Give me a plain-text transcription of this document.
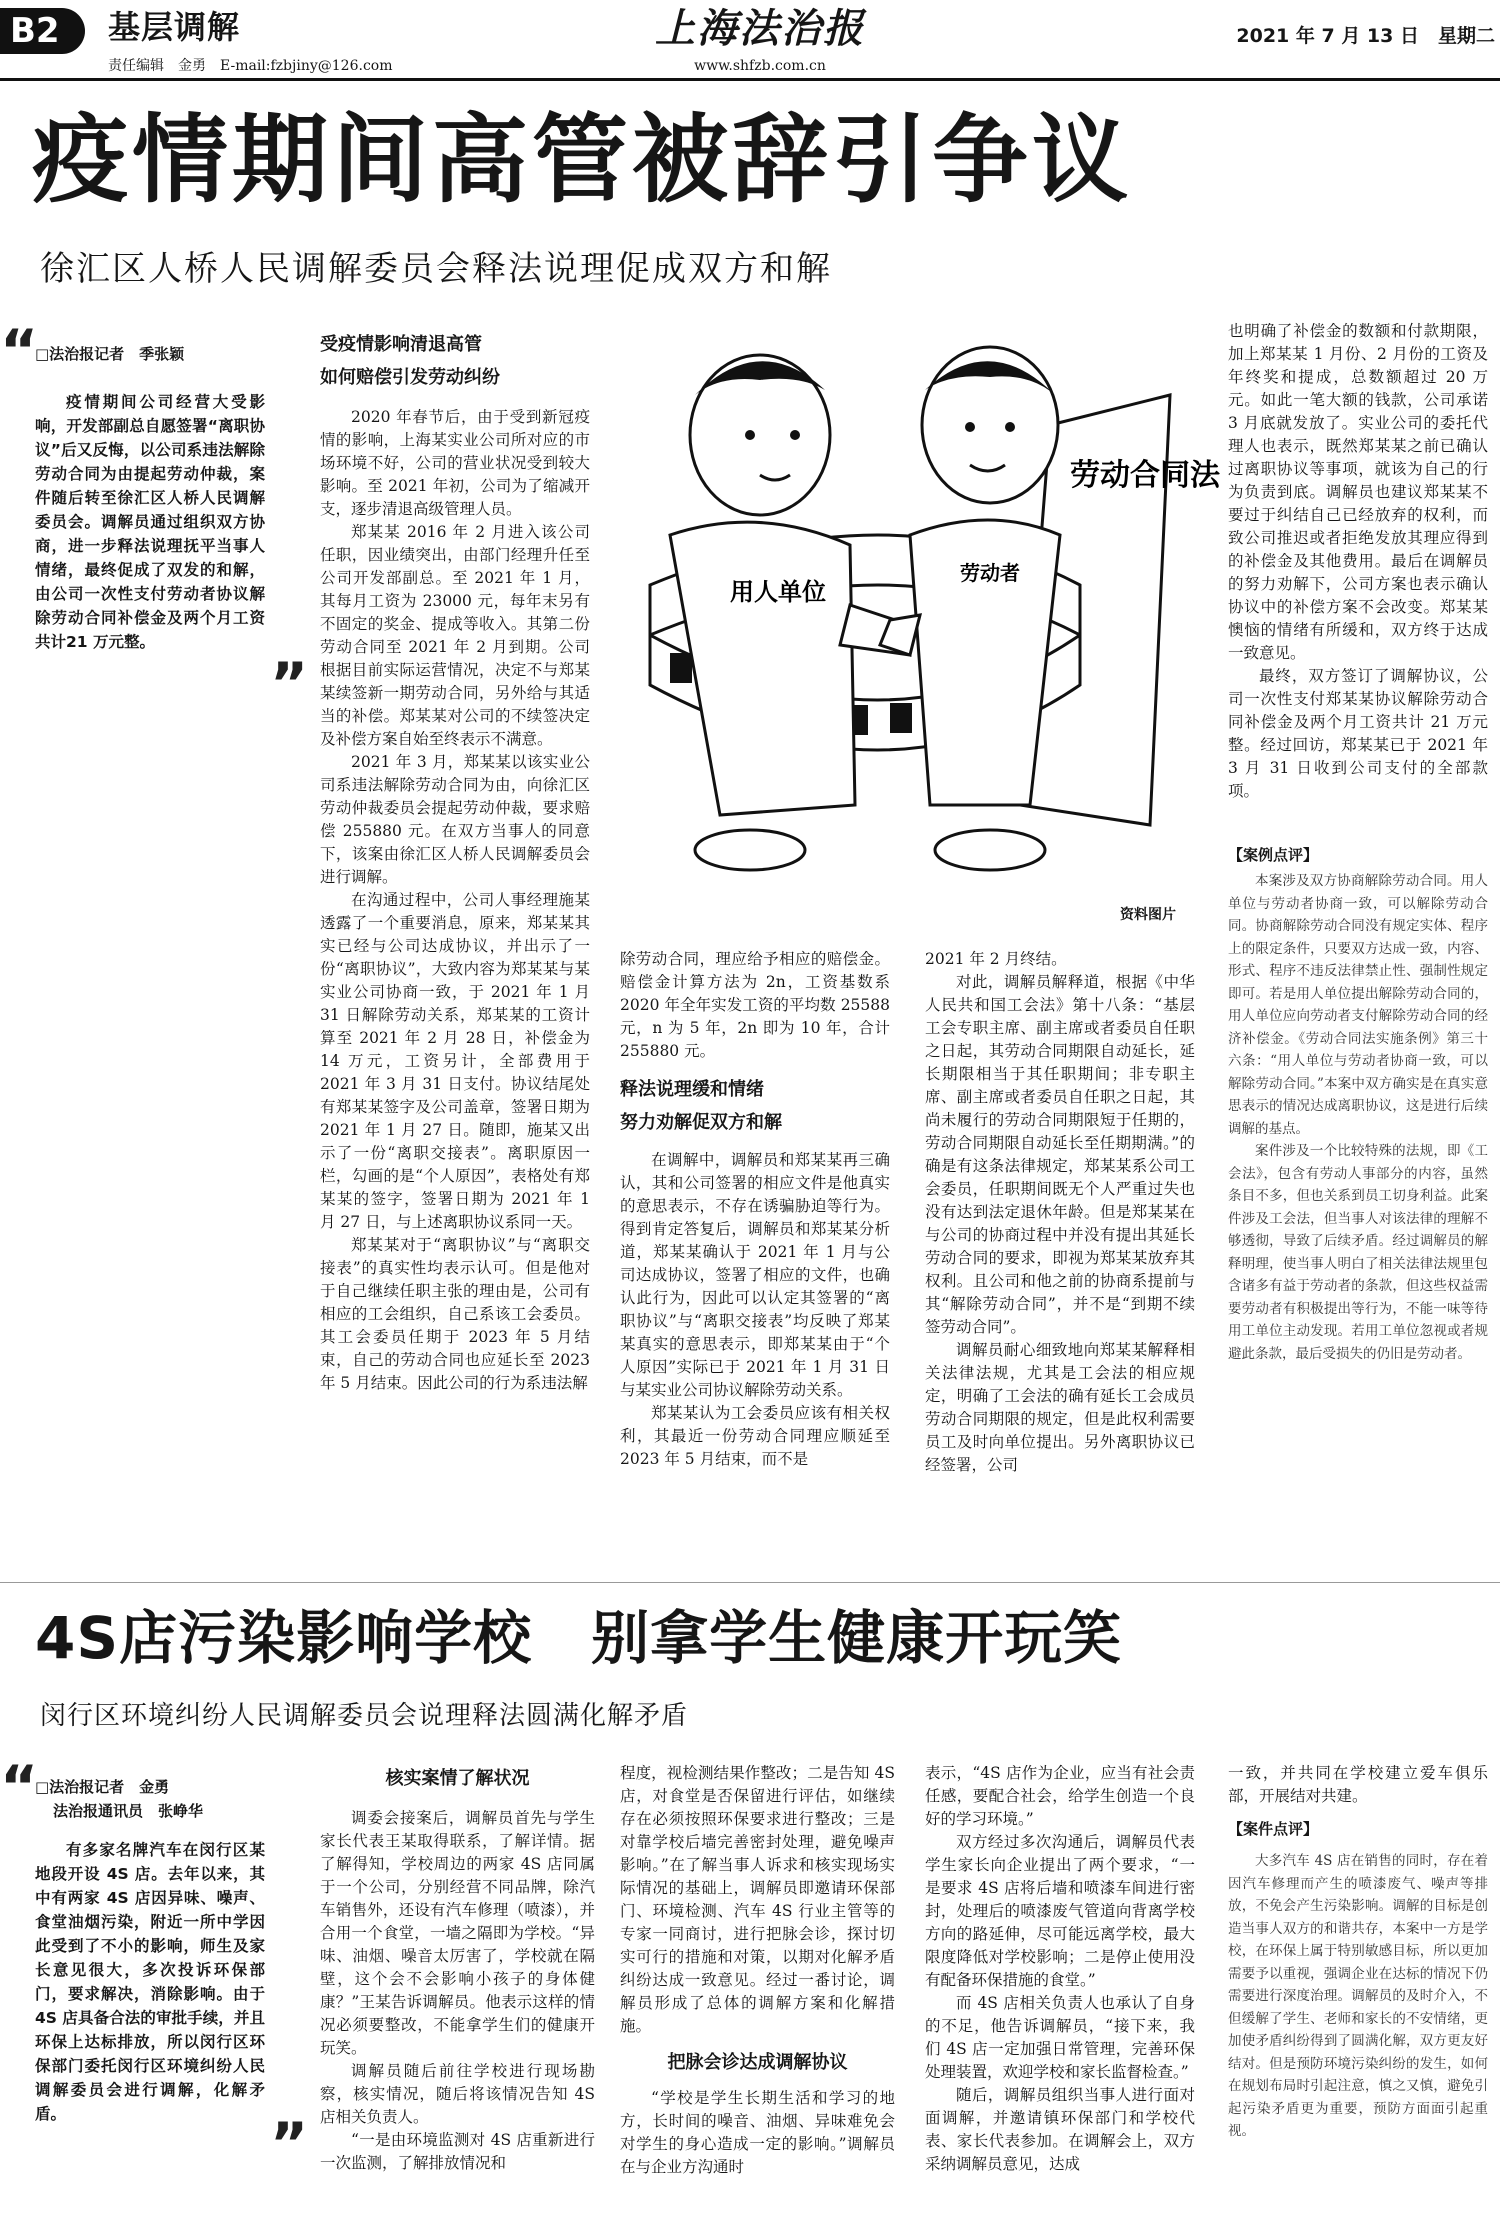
B2	基层调解
责任编辑　金勇　E-mail:fzbjiny@126.com
上海法治报
www.shfzb.com.cn
2021 年 7 月 13 日　星期二
疫情期间高管被辞引争议
徐汇区人桥人民调解委员会释法说理促成双方和解
“
□法治报记者　季张颖

疫情期间公司经营大受影响，开发部副总自愿签署“离职协议”后又反悔，以公司系违法解除劳动合同为由提起劳动仲裁，案件随后转至徐汇区人桥人民调解委员会。调解员通过组织双方协商，进一步释法说理抚平当事人情绪，最终促成了双发的和解，由公司一次性支付劳动者协议解除劳动合同补偿金及两个月工资共计21 万元整。

”

受疫情影响清退高管

如何赔偿引发劳动纠纷

2020 年春节后，由于受到新冠疫情的影响，上海某实业公司所对应的市场环境不好，公司的营业状况受到较大影响。至 2021 年初，公司为了缩减开支，逐步清退高级管理人员。

郑某某 2016 年 2 月进入该公司任职，因业绩突出，由部门经理升任至公司开发部副总。至 2021 年 1 月，其每月工资为 23000 元，每年末另有不固定的奖金、提成等收入。其第二份劳动合同至 2021 年 2 月到期。公司根据目前实际运营情况，决定不与郑某某续签新一期劳动合同，另外给与其适当的补偿。郑某某对公司的不续签决定及补偿方案自始至终表示不满意。

2021 年 3 月，郑某某以该实业公司系违法解除劳动合同为由，向徐汇区劳动仲裁委员会提起劳动仲裁，要求赔偿 255880 元。在双方当事人的同意下，该案由徐汇区人桥人民调解委员会进行调解。

在沟通过程中，公司人事经理施某透露了一个重要消息，原来，郑某某其实已经与公司达成协议，并出示了一份“离职协议”，大致内容为郑某某与某实业公司协商一致，于 2021 年 1 月 31 日解除劳动关系，郑某某的工资计算至 2021 年 2 月 28 日，补偿金为 14 万元，工资另计，全部费用于 2021 年 3 月 31 日支付。协议结尾处有郑某某签字及公司盖章，签署日期为 2021 年 1 月 27 日。随即，施某又出示了一份“离职交接表”。离职原因一栏，勾画的是“个人原因”，表格处有郑某某的签字，签署日期为 2021 年 1 月 27 日，与上述离职协议系同一天。

郑某某对于“离职协议”与“离职交接表”的真实性均表示认可。但是他对于自己继续任职主张的理由是，公司有相应的工会组织，自己系该工会委员。其工会委员任期于 2023 年 5 月结束，自己的劳动合同也应延长至 2023 年 5 月结束。因此公司的行为系违法解

用人单位
劳动者
劳动合同法
资料图片

除劳动合同，理应给予相应的赔偿金。赔偿金计算方法为 2n，工资基数系 2020 年全年实发工资的平均数 25588 元，n 为 5 年，2n 即为 10 年，合计 255880 元。

释法说理缓和情绪

努力劝解促双方和解

在调解中，调解员和郑某某再三确认，其和公司签署的相应文件是他真实的意思表示，不存在诱骗胁迫等行为。得到肯定答复后，调解员和郑某某分析道，郑某某确认于 2021 年 1 月与公司达成协议，签署了相应的文件，也确认此行为，因此可以认定其签署的“离职协议”与“离职交接表”均反映了郑某某真实的意思表示，即郑某某由于“个人原因”实际已于 2021 年 1 月 31 日与某实业公司协议解除劳动关系。

郑某某认为工会委员应该有相关权利，其最近一份劳动合同理应顺延至 2023 年 5 月结束，而不是

2021 年 2 月终结。

对此，调解员解释道，根据《中华人民共和国工会法》第十八条：“基层工会专职主席、副主席或者委员自任职之日起，其劳动合同期限自动延长，延长期限相当于其任职期间；非专职主席、副主席或者委员自任职之日起，其尚未履行的劳动合同期限短于任期的，劳动合同期限自动延长至任期期满。”的确是有这条法律规定，郑某某系公司工会委员，任职期间既无个人严重过失也没有达到法定退休年龄。但是郑某某在与公司的协商过程中并没有提出其延长劳动合同的要求，即视为郑某某放弃其权利。且公司和他之前的协商系提前与其“解除劳动合同”，并不是“到期不续签劳动合同”。

调解员耐心细致地向郑某某解释相关法律法规，尤其是工会法的相应规定，明确了工会法的确有延长工会成员劳动合同期限的规定，但是此权利需要员工及时向单位提出。另外离职协议已经签署，公司

也明确了补偿金的数额和付款期限，加上郑某某 1 月份、2 月份的工资及年终奖和提成，总数额超过 20 万元。如此一笔大额的钱款，公司承诺 3 月底就发放了。实业公司的委托代理人也表示，既然郑某某之前已确认过离职协议等事项，就该为自己的行为负责到底。调解员也建议郑某某不要过于纠结自己已经放弃的权利，而致公司推迟或者拒绝发放其理应得到的补偿金及其他费用。最后在调解员的努力劝解下，公司方案也表示确认协议中的补偿方案不会改变。郑某某懊恼的情绪有所缓和，双方终于达成一致意见。

最终，双方签订了调解协议，公司一次性支付郑某某协议解除劳动合同补偿金及两个月工资共计 21 万元整。经过回访，郑某某已于 2021 年 3 月 31 日收到公司支付的全部款项。

【案例点评】

本案涉及双方协商解除劳动合同。用人单位与劳动者协商一致，可以解除劳动合同。协商解除劳动合同没有规定实体、程序上的限定条件，只要双方达成一致，内容、形式、程序不违反法律禁止性、强制性规定即可。若是用人单位提出解除劳动合同的，用人单位应向劳动者支付解除劳动合同的经济补偿金。《劳动合同法实施条例》第三十六条：“用人单位与劳动者协商一致，可以解除劳动合同。”本案中双方确实是在真实意思表示的情况达成离职协议，这是进行后续调解的基点。

案件涉及一个比较特殊的法规，即《工会法》，包含有劳动人事部分的内容，虽然条目不多，但也关系到员工切身利益。此案件涉及工会法，但当事人对该法律的理解不够透彻，导致了后续矛盾。经过调解员的解释明理，使当事人明白了相关法律法规里包含诸多有益于劳动者的条款，但这些权益需要劳动者有积极提出等行为，不能一味等待用工单位主动发现。若用工单位忽视或者规避此条款，最后受损失的仍旧是劳动者。

4S店污染影响学校　别拿学生健康开玩笑
闵行区环境纠纷人民调解委员会说理释法圆满化解矛盾
“
□法治报记者　金勇
法治报通讯员　张峥华

有多家名牌汽车在闵行区某地段开设 4S 店。去年以来，其中有两家 4S 店因异味、噪声、食堂油烟污染，附近一所中学因此受到了不小的影响，师生及家长意见很大，多次投诉环保部门，要求解决，消除影响。由于 4S 店具备合法的审批手续，并且环保上达标排放，所以闵行区环保部门委托闵行区环境纠纷人民调解委员会进行调解，化解矛盾。	”

核实案情了解状况

调委会接案后，调解员首先与学生家长代表王某取得联系，了解详情。据了解得知，学校周边的两家 4S 店同属于一个公司，分别经营不同品牌，除汽车销售外，还设有汽车修理（喷漆），并合用一个食堂，一墙之隔即为学校。“异味、油烟、噪音太厉害了，学校就在隔壁，这个会不会影响小孩子的身体健康？”王某告诉调解员。他表示这样的情况必须要整改，不能拿学生们的健康开玩笑。

调解员随后前往学校进行现场勘察，核实情况，随后将该情况告知 4S 店相关负责人。

“一是由环境监测对 4S 店重新进行一次监测，了解排放情况和

程度，视检测结果作整改；二是告知 4S 店，对食堂是否保留进行评估，如继续存在必须按照环保要求进行整改；三是对靠学校后墙完善密封处理，避免噪声影响。”在了解当事人诉求和核实现场实际情况的基础上，调解员即邀请环保部门、环境检测、汽车 4S 行业主管等的专家一同商讨，进行把脉会诊，探讨切实可行的措施和对策，以期对化解矛盾纠纷达成一致意见。经过一番讨论，调解员形成了总体的调解方案和化解措施。

把脉会诊达成调解协议

“学校是学生长期生活和学习的地方，长时间的噪音、油烟、异味难免会对学生的身心造成一定的影响。”调解员在与企业方沟通时

表示，“4S 店作为企业，应当有社会责任感，要配合社会，给学生创造一个良好的学习环境。”

双方经过多次沟通后，调解员代表学生家长向企业提出了两个要求，“一是要求 4S 店将后墙和喷漆车间进行密封，处理后的喷漆废气管道向背离学校方向的路延伸，尽可能远离学校，最大限度降低对学校影响；二是停止使用没有配备环保措施的食堂。”

而 4S 店相关负责人也承认了自身的不足，他告诉调解员，“接下来，我们 4S 店一定加强日常管理，完善环保处理装置，欢迎学校和家长监督检查。”

随后，调解员组织当事人进行面对面调解，并邀请镇环保部门和学校代表、家长代表参加。在调解会上，双方采纳调解员意见，达成

一致，并共同在学校建立爱车俱乐部，开展结对共建。

【案件点评】

大多汽车 4S 店在销售的同时，存在着因汽车修理而产生的喷漆废气、噪声等排放，不免会产生污染影响。调解的目标是创造当事人双方的和谐共存，本案中一方是学校，在环保上属于特别敏感目标，所以更加需要予以重视，强调企业在达标的情况下仍需要进行深度治理。调解员的及时介入，不但缓解了学生、老师和家长的不安情绪，更加使矛盾纠纷得到了圆满化解，双方更友好结对。但是预防环境污染纠纷的发生，如何在规划布局时引起注意，慎之又慎，避免引起污染矛盾更为重要，预防方面面引起重视。
